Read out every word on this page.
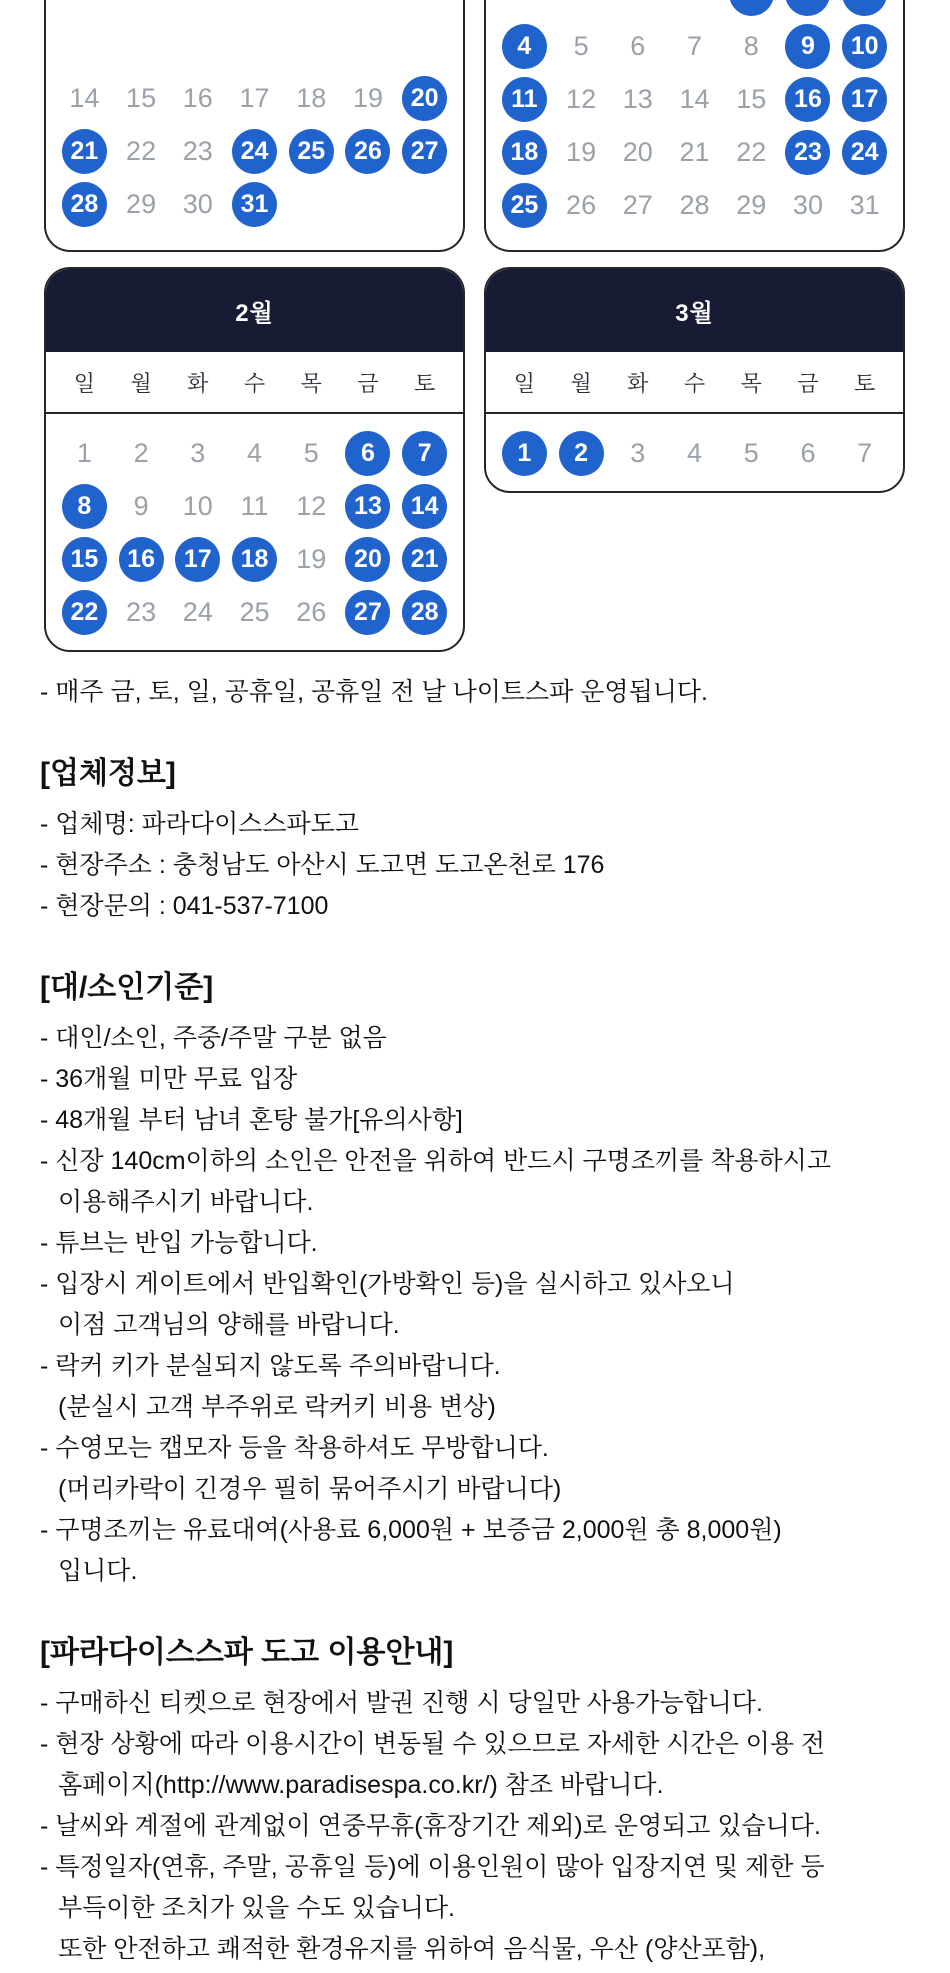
14 15 16 17 18 19	20
21	22 23	24	25	26	27
28	29 30	31
4	5	6	7	8	9	10
11	12 13 14 15	16	17
18	19 20 21 22	23	24
25	26 27 28 29 30 31
2월
일	월	화	수	목	금	토
1	2	3	4	5	6	7
8	9	10	11	12	13	14
15	16	17	18	19	20	21
22	23 24 25 26	27	28
3월
일	월	화	수	목	금	토
1	2	3	4	5	6	7

- 매주 금, 토, 일, 공휴일, 공휴일 전 날 나이트스파 운영됩니다.

[업체정보]
- 업체명: 파라다이스스파도고
- 현장주소 : 충청남도 아산시 도고면 도고온천로 176
- 현장문의 : 041-537-7100
[대/소인기준]
- 대인/소인, 주중/주말 구분 없음
- 36개월 미만 무료 입장
- 48개월 부터 남녀 혼탕 불가[유의사항]
- 신장 140cm이하의 소인은 안전을 위하여 반드시 구명조끼를 착용하시고
이용해주시기 바랍니다.
- 튜브는 반입 가능합니다.
- 입장시 게이트에서 반입확인(가방확인 등)을 실시하고 있사오니
이점 고객님의 양해를 바랍니다.
- 락커 키가 분실되지 않도록 주의바랍니다.
(분실시 고객 부주위로 락커키 비용 변상)
- 수영모는 캡모자 등을 착용하셔도 무방합니다.
(머리카락이 긴경우 필히 묶어주시기 바랍니다)
- 구명조끼는 유료대여(사용료 6,000원 + 보증금 2,000원 총 8,000원)
입니다.
[파라다이스스파 도고 이용안내]
- 구매하신 티켓으로 현장에서 발권 진행 시 당일만 사용가능합니다.
- 현장 상황에 따라 이용시간이 변동될 수 있으므로 자세한 시간은 이용 전
홈페이지(http://www.paradisespa.co.kr/) 참조 바랍니다.
- 날씨와 계절에 관계없이 연중무휴(휴장기간 제외)로 운영되고 있습니다.
- 특정일자(연휴, 주말, 공휴일 등)에 이용인원이 많아 입장지연 및 제한 등
부득이한 조치가 있을 수도 있습니다.
또한 안전하고 쾌적한 환경유지를 위하여 음식물, 우산 (양산포함),
